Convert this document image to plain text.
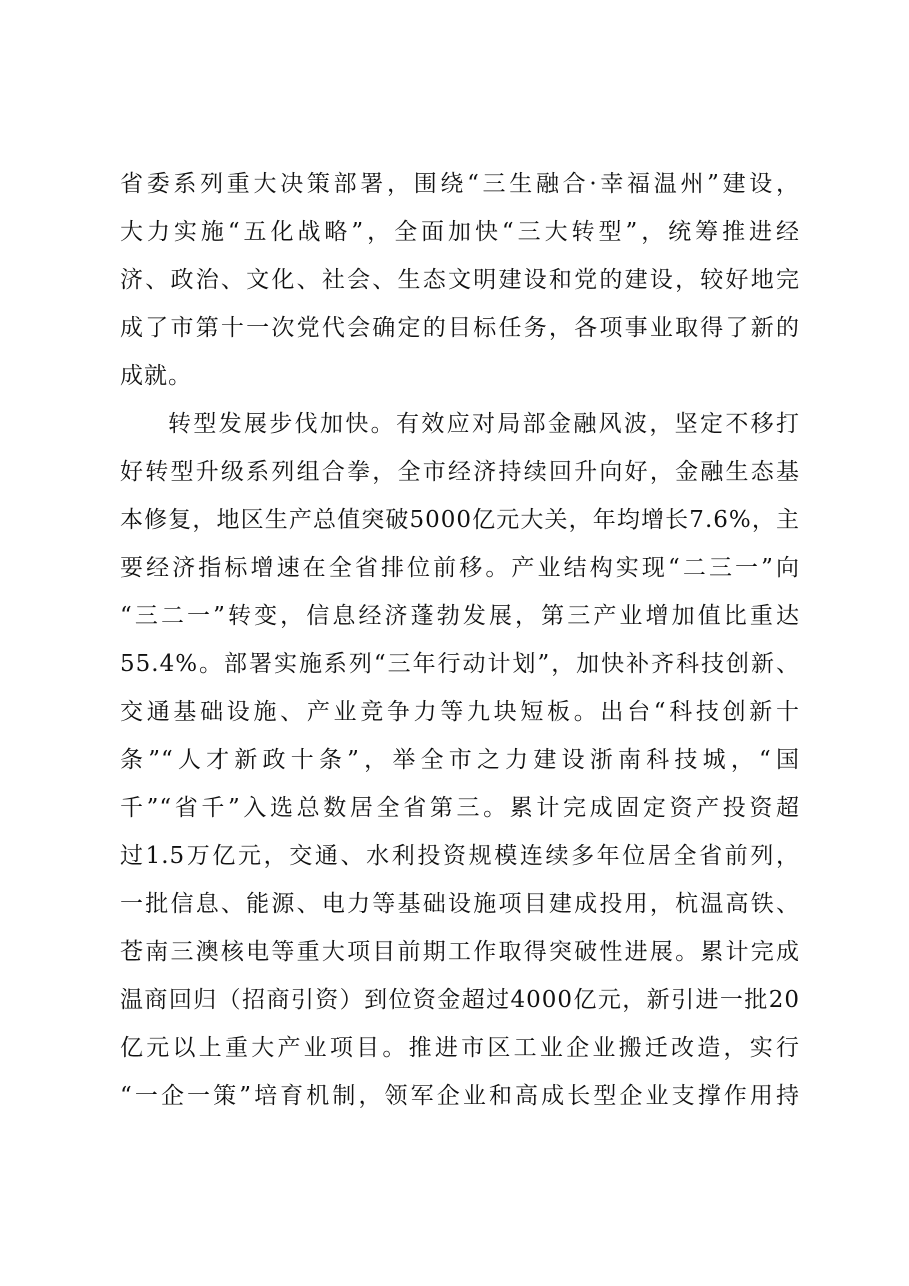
省委系列重大决策部署，围绕“三生融合·幸福温州”建设，
大力实施“五化战略”，全面加快“三大转型”，统筹推进经
济、政治、文化、社会、生态文明建设和党的建设，较好地完
成了市第十一次党代会确定的目标任务，各项事业取得了新的
成就。
转型发展步伐加快。有效应对局部金融风波，坚定不移打
好转型升级系列组合拳，全市经济持续回升向好，金融生态基
本修复，地区生产总值突破5000亿元大关，年均增长7.6%，主
要经济指标增速在全省排位前移。产业结构实现“二三一”向
“三二一”转变，信息经济蓬勃发展，第三产业增加值比重达
55.4%。部署实施系列“三年行动计划”，加快补齐科技创新、
交通基础设施、产业竞争力等九块短板。出台“科技创新十
条”“人才新政十条”，举全市之力建设浙南科技城，“国
千”“省千”入选总数居全省第三。累计完成固定资产投资超
过1.5万亿元，交通、水利投资规模连续多年位居全省前列，
一批信息、能源、电力等基础设施项目建成投用，杭温高铁、
苍南三澳核电等重大项目前期工作取得突破性进展。累计完成
温商回归（招商引资）到位资金超过4000亿元，新引进一批20
亿元以上重大产业项目。推进市区工业企业搬迁改造，实行
“一企一策”培育机制，领军企业和高成长型企业支撑作用持
